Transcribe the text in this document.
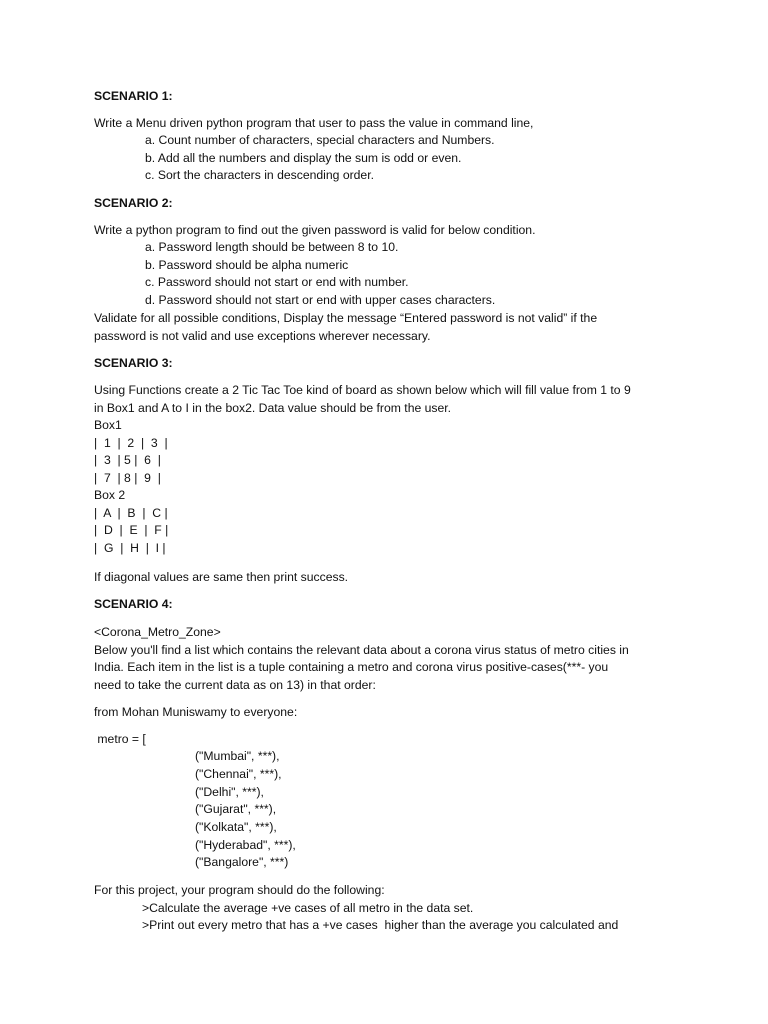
SCENARIO 1:
Write a Menu driven python program that user to pass the value in command line,
a. Count number of characters, special characters and Numbers.
b. Add all the numbers and display the sum is odd or even.
c. Sort the characters in descending order.
SCENARIO 2:
Write a python program to find out the given password is valid for below condition.
a. Password length should be between 8 to 10.
b. Password should be alpha numeric
c. Password should not start or end with number.
d. Password should not start or end with upper cases characters.
Validate for all possible conditions, Display the message “Entered password is not valid” if the
password is not valid and use exceptions wherever necessary.
SCENARIO 3:
Using Functions create a 2 Tic Tac Toe kind of board as shown below which will fill value from 1 to 9
in Box1 and A to I in the box2. Data value should be from the user.
Box1
|  1  |  2  |  3  |
|  3  | 5 |  6  |
|  7  | 8 |  9  |
Box 2
|  A  |  B  |  C |
|  D  |  E  |  F |
|  G  |  H  |  I |
If diagonal values are same then print success.
SCENARIO 4:
<Corona_Metro_Zone>
Below you'll find a list which contains the relevant data about a corona virus status of metro cities in
India. Each item in the list is a tuple containing a metro and corona virus positive-cases(***- you
need to take the current data as on 13) in that order:
from Mohan Muniswamy to everyone:
metro = [
("Mumbai", ***),
("Chennai", ***),
("Delhi", ***),
("Gujarat", ***),
("Kolkata", ***),
("Hyderabad", ***),
("Bangalore", ***)
For this project, your program should do the following:
>Calculate the average +ve cases of all metro in the data set.
>Print out every metro that has a +ve cases  higher than the average you calculated and
